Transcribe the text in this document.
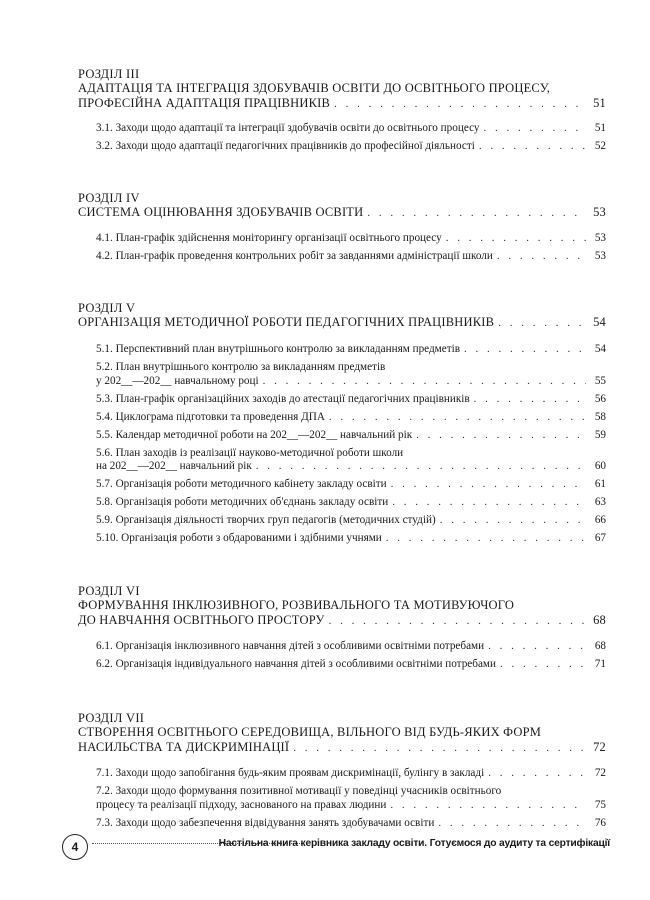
РОЗДІЛ ІІІ
АДАПТАЦІЯ ТА ІНТЕГРАЦІЯ ЗДОБУВАЧІВ ОСВІТИ ДО ОСВІТНЬОГО ПРОЦЕСУ,
ПРОФЕСІЙНА АДАПТАЦІЯ ПРАЦІВНИКІВ . . .	51
3.1. Заходи щодо адаптації та інтеграції здобувачів освіти до освітнього процесу . . .	51
3.2. Заходи щодо адаптації педагогічних працівників до професійної діяльності . . .	52
РОЗДІЛ IV
СИСТЕМА ОЦІНЮВАННЯ ЗДОБУВАЧІВ ОСВІТИ . . .	53
4.1. План-графік здійснення моніторингу організації освітнього процесу . . .	53
4.2. План-графік проведення контрольних робіт за завданнями адміністрації школи . . .	53
РОЗДІЛ V
ОРГАНІЗАЦІЯ МЕТОДИЧНОЇ РОБОТИ ПЕДАГОГІЧНИХ ПРАЦІВНИКІВ . . .	54
5.1. Перспективний план внутрішнього контролю за викладанням предметів . . .	54
5.2. План внутрішнього контролю за викладанням предметів
у 202__—202__ навчальному році . . .	55
5.3. План-графік організаційних заходів до атестації педагогічних працівників . . .	56
5.4. Циклограма підготовки та проведення ДПА . . .	58
5.5. Календар методичної роботи на 202__—202__ навчальний рік . . .	59
5.6. План заходів із реалізації науково-методичної роботи школи
на 202__—202__ навчальний рік . . .	60
5.7. Організація роботи методичного кабінету закладу освіти . . .	61
5.8. Організація роботи методичних об'єднань закладу освіти . . .	63
5.9. Організація діяльності творчих груп педагогів (методичних студій) . . .	66
5.10. Організація роботи з обдарованими і здібними учнями . . .	67
РОЗДІЛ VI
ФОРМУВАННЯ ІНКЛЮЗИВНОГО, РОЗВИВАЛЬНОГО ТА МОТИВУЮЧОГО
ДО НАВЧАННЯ ОСВІТНЬОГО ПРОСТОРУ . . .	68
6.1. Організація інклюзивного навчання дітей з особливими освітніми потребами . . .	68
6.2. Організація індивідуального навчання дітей з особливими освітніми потребами . . .	71
РОЗДІЛ VІІ
СТВОРЕННЯ ОСВІТНЬОГО СЕРЕДОВИЩА, ВІЛЬНОГО ВІД БУДЬ-ЯКИХ ФОРМ
НАСИЛЬСТВА ТА ДИСКРИМІНАЦІЇ . . .	72
7.1. Заходи щодо запобігання будь-яким проявам дискримінації, булінгу в закладі . . .	72
7.2. Заходи щодо формування позитивної мотивації у поведінці учасників освітнього
процесу та реалізації підходу, заснованого на правах людини . . .	75
7.3. Заходи щодо забезпечення відвідування занять здобувачами освіти . . .	76
4	Настільна книга керівника закладу освіти. Готуємося до аудиту та сертифікації
